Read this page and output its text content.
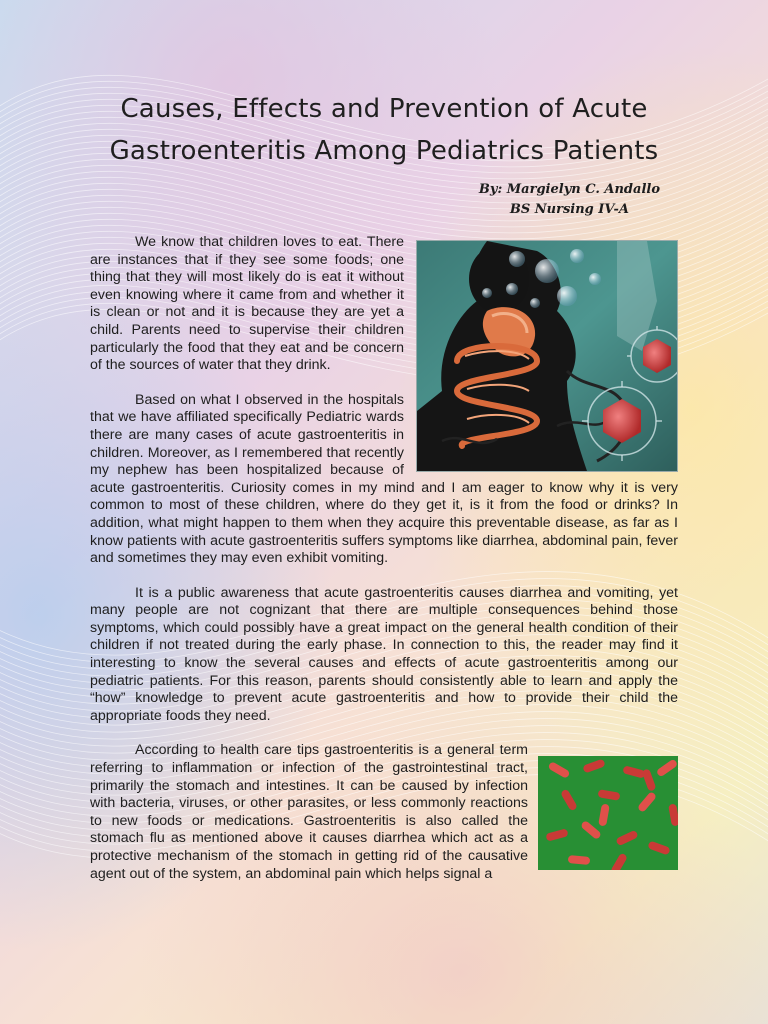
Causes, Effects and Prevention of Acute
Gastroenteritis Among Pediatrics Patients
By: Margielyn C. Andallo
BS Nursing IV-A

We know that children loves to eat. There are instances that if they see some foods; one thing that they will most likely do is eat it without even knowing where it came from and whether it is clean or not and it is because they are yet a child. Parents need to supervise their children particularly the food that they eat and be concern of the sources of water that they drink.

Based on what I observed in the hospitals that we have affiliated specifically Pediatric wards there are many cases of acute gastroenteritis in children. Moreover, as I remembered that recently my nephew has been hospitalized because of acute gastroenteritis. Curiosity comes in my mind and I am eager to know why it is very common to most of these children, where do they get it, is it from the food or drinks? In addition, what might happen to them when they acquire this preventable disease, as far as I know patients with acute gastroenteritis suffers symptoms like diarrhea, abdominal pain, fever and sometimes they may even exhibit vomiting.

It is a public awareness that acute gastroenteritis causes diarrhea and vomiting, yet many people are not cognizant that there are multiple consequences behind those symptoms, which could possibly have a great impact on the general health condition of their children if not treated during the early phase. In connection to this, the reader may find it interesting to know the several causes and effects of acute gastroenteritis among our pediatric patients. For this reason, parents should consistently able to learn and apply the “how” knowledge to prevent acute gastroenteritis and how to provide their child the appropriate foods they need.

According to health care tips gastroenteritis is a general term referring to inflammation or infection of the gastrointestinal tract, primarily the stomach and intestines. It can be caused by infection with bacteria, viruses, or other parasites, or less commonly reactions to new foods or medications. Gastroenteritis is also called the stomach flu as mentioned above it causes diarrhea which act as a protective mechanism of the stomach in getting rid of the causative agent out of the system, an abdominal pain which helps signal a
